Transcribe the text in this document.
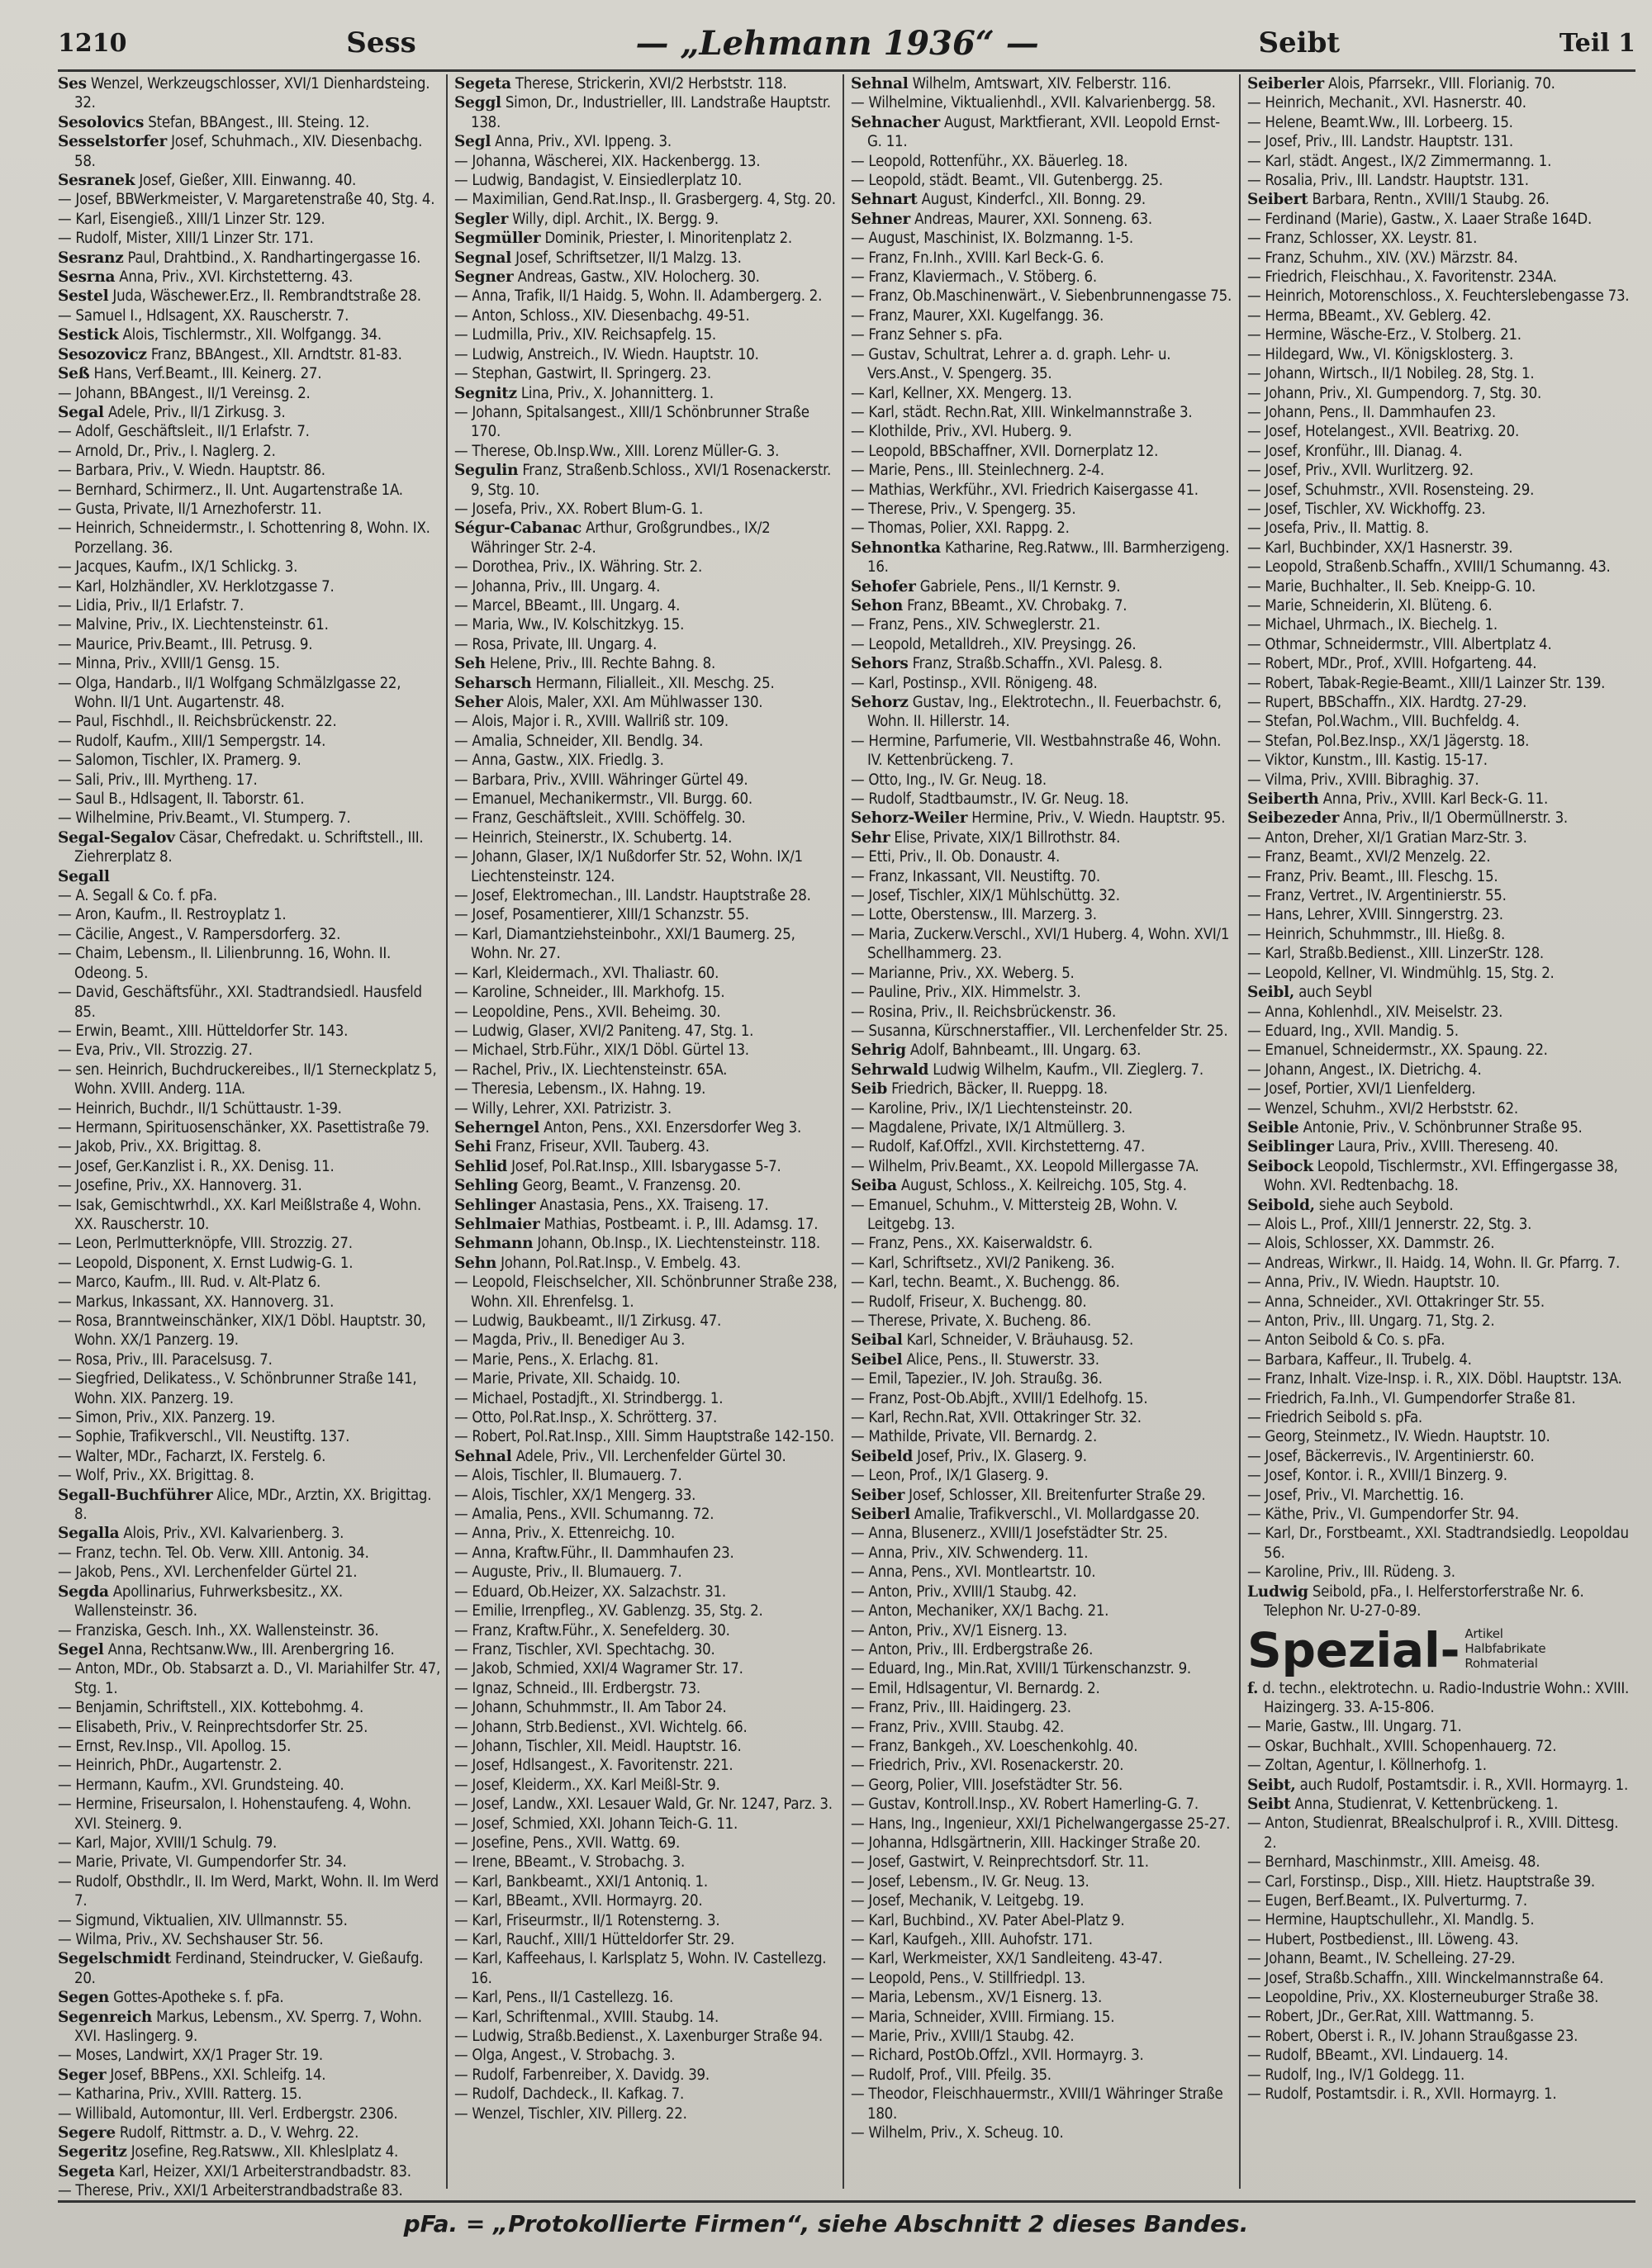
1210	Sess	— „Lehmann 1936“ —	Seibt	Teil 1

Ses Wenzel, Werkzeugschlosser, XVI/1 Dienhardsteing. 32.

Sesolovics Stefan, BBAngest., III. Steing. 12.

Sesselstorfer Josef, Schuhmach., XIV. Diesenbachg. 58.

Sesranek Josef, Gießer, XIII. Einwanng. 40.

— Josef, BBWerkmeister, V. Margaretenstraße 40, Stg. 4.

— Karl, Eisengieß., XIII/1 Linzer Str. 129.

— Rudolf, Mister, XIII/1 Linzer Str. 171.

Sesranz Paul, Drahtbind., X. Randhartingergasse 16.

Sesrna Anna, Priv., XVI. Kirchstetterng. 43.

Sestel Juda, Wäschewer.Erz., II. Rembrandtstraße 28.

— Samuel I., Hdlsagent, XX. Rauscherstr. 7.

Sestick Alois, Tischlermstr., XII. Wolfgangg. 34.

Sesozovicz Franz, BBAngest., XII. Arndtstr. 81-83.

Seß Hans, Verf.Beamt., III. Keinerg. 27.

— Johann, BBAngest., II/1 Vereinsg. 2.

Segal Adele, Priv., II/1 Zirkusg. 3.

— Adolf, Geschäftsleit., II/1 Erlafstr. 7.

— Arnold, Dr., Priv., I. Naglerg. 2.

— Barbara, Priv., V. Wiedn. Hauptstr. 86.

— Bernhard, Schirmerz., II. Unt. Augartenstraße 1A.

— Gusta, Private, II/1 Arnezhoferstr. 11.

— Heinrich, Schneidermstr., I. Schottenring 8, Wohn. IX. Porzellang. 36.

— Jacques, Kaufm., IX/1 Schlickg. 3.

— Karl, Holzhändler, XV. Herklotzgasse 7.

— Lidia, Priv., II/1 Erlafstr. 7.

— Malvine, Priv., IX. Liechtensteinstr. 61.

— Maurice, Priv.Beamt., III. Petrusg. 9.

— Minna, Priv., XVIII/1 Gensg. 15.

— Olga, Handarb., II/1 Wolfgang Schmälzlgasse 22, Wohn. II/1 Unt. Augartenstr. 48.

— Paul, Fischhdl., II. Reichsbrückenstr. 22.

— Rudolf, Kaufm., XIII/1 Sempergstr. 14.

— Salomon, Tischler, IX. Pramerg. 9.

— Sali, Priv., III. Myrtheng. 17.

— Saul B., Hdlsagent, II. Taborstr. 61.

— Wilhelmine, Priv.Beamt., VI. Stumperg. 7.

Segal-Segalov Cäsar, Chefredakt. u. Schriftstell., III. Ziehrerplatz 8.

Segall

— A. Segall & Co. f. pFa.

— Aron, Kaufm., II. Restroyplatz 1.

— Cäcilie, Angest., V. Rampersdorferg. 32.

— Chaim, Lebensm., II. Lilienbrunng. 16, Wohn. II. Odeong. 5.

— David, Geschäftsführ., XXI. Stadtrandsiedl. Hausfeld 85.

— Erwin, Beamt., XIII. Hütteldorfer Str. 143.

— Eva, Priv., VII. Strozzig. 27.

— sen. Heinrich, Buchdruckereibes., II/1 Sterneckplatz 5, Wohn. XVIII. Anderg. 11A.

— Heinrich, Buchdr., II/1 Schüttaustr. 1-39.

— Hermann, Spirituosenschänker, XX. Pasettistraße 79.

— Jakob, Priv., XX. Brigittag. 8.

— Josef, Ger.Kanzlist i. R., XX. Denisg. 11.

— Josefine, Priv., XX. Hannoverg. 31.

— Isak, Gemischtwrhdl., XX. Karl Meißlstraße 4, Wohn. XX. Rauscherstr. 10.

— Leon, Perlmutterknöpfe, VIII. Strozzig. 27.

— Leopold, Disponent, X. Ernst Ludwig-G. 1.

— Marco, Kaufm., III. Rud. v. Alt-Platz 6.

— Markus, Inkassant, XX. Hannoverg. 31.

— Rosa, Branntweinschänker, XIX/1 Döbl. Hauptstr. 30, Wohn. XX/1 Panzerg. 19.

— Rosa, Priv., III. Paracelsusg. 7.

— Siegfried, Delikatess., V. Schönbrunner Straße 141, Wohn. XIX. Panzerg. 19.

— Simon, Priv., XIX. Panzerg. 19.

— Sophie, Trafikverschl., VII. Neustiftg. 137.

— Walter, MDr., Facharzt, IX. Ferstelg. 6.

— Wolf, Priv., XX. Brigittag. 8.

Segall-Buchführer Alice, MDr., Arztin, XX. Brigittag. 8.

Segalla Alois, Priv., XVI. Kalvarienberg. 3.

— Franz, techn. Tel. Ob. Verw. XIII. Antonig. 34.

— Jakob, Pens., XVI. Lerchenfelder Gürtel 21.

Segda Apollinarius, Fuhrwerksbesitz., XX. Wallensteinstr. 36.

— Franziska, Gesch. Inh., XX. Wallensteinstr. 36.

Segel Anna, Rechtsanw.Ww., III. Arenbergring 16.

— Anton, MDr., Ob. Stabsarzt a. D., VI. Mariahilfer Str. 47, Stg. 1.

— Benjamin, Schriftstell., XIX. Kottebohmg. 4.

— Elisabeth, Priv., V. Reinprechtsdorfer Str. 25.

— Ernst, Rev.Insp., VII. Apollog. 15.

— Heinrich, PhDr., Augartenstr. 2.

— Hermann, Kaufm., XVI. Grundsteing. 40.

— Hermine, Friseursalon, I. Hohenstaufeng. 4, Wohn. XVI. Steinerg. 9.

— Karl, Major, XVIII/1 Schulg. 79.

— Marie, Private, VI. Gumpendorfer Str. 34.

— Rudolf, Obsthdlr., II. Im Werd, Markt, Wohn. II. Im Werd 7.

— Sigmund, Viktualien, XIV. Ullmannstr. 55.

— Wilma, Priv., XV. Sechshauser Str. 56.

Segelschmidt Ferdinand, Steindrucker, V. Gießaufg. 20.

Segen Gottes-Apotheke s. f. pFa.

Segenreich Markus, Lebensm., XV. Sperrg. 7, Wohn. XVI. Haslingerg. 9.

— Moses, Landwirt, XX/1 Prager Str. 19.

Seger Josef, BBPens., XXI. Schleifg. 14.

— Katharina, Priv., XVIII. Ratterg. 15.

— Willibald, Automontur, III. Verl. Erdbergstr. 2306.

Segere Rudolf, Rittmstr. a. D., V. Wehrg. 22.

Segeritz Josefine, Reg.Ratsww., XII. Khleslplatz 4.

Segeta Karl, Heizer, XXI/1 Arbeiterstrandbadstr. 83.

— Therese, Priv., XXI/1 Arbeiterstrandbadstraße 83.

Segeta Therese, Strickerin, XVI/2 Herbststr. 118.

Seggl Simon, Dr., Industrieller, III. Landstraße Hauptstr. 138.

Segl Anna, Priv., XVI. Ippeng. 3.

— Johanna, Wäscherei, XIX. Hackenbergg. 13.

— Ludwig, Bandagist, V. Einsiedlerplatz 10.

— Maximilian, Gend.Rat.Insp., II. Grasbergerg. 4, Stg. 20.

Segler Willy, dipl. Archit., IX. Bergg. 9.

Segmüller Dominik, Priester, I. Minoritenplatz 2.

Segnal Josef, Schriftsetzer, II/1 Malzg. 13.

Segner Andreas, Gastw., XIV. Holocherg. 30.

— Anna, Trafik, II/1 Haidg. 5, Wohn. II. Adambergerg. 2.

— Anton, Schloss., XIV. Diesenbachg. 49-51.

— Ludmilla, Priv., XIV. Reichsapfelg. 15.

— Ludwig, Anstreich., IV. Wiedn. Hauptstr. 10.

— Stephan, Gastwirt, II. Springerg. 23.

Segnitz Lina, Priv., X. Johannitterg. 1.

— Johann, Spitalsangest., XIII/1 Schönbrunner Straße 170.

— Therese, Ob.Insp.Ww., XIII. Lorenz Müller-G. 3.

Segulin Franz, Straßenb.Schloss., XVI/1 Rosenackerstr. 9, Stg. 10.

— Josefa, Priv., XX. Robert Blum-G. 1.

Ségur-Cabanac Arthur, Großgrundbes., IX/2 Währinger Str. 2-4.

— Dorothea, Priv., IX. Währing. Str. 2.

— Johanna, Priv., III. Ungarg. 4.

— Marcel, BBeamt., III. Ungarg. 4.

— Maria, Ww., IV. Kolschitzkyg. 15.

— Rosa, Private, III. Ungarg. 4.

Seh Helene, Priv., III. Rechte Bahng. 8.

Seharsch Hermann, Filialleit., XII. Meschg. 25.

Seher Alois, Maler, XXI. Am Mühlwasser 130.

— Alois, Major i. R., XVIII. Wallriß str. 109.

— Amalia, Schneider, XII. Bendlg. 34.

— Anna, Gastw., XIX. Friedlg. 3.

— Barbara, Priv., XVIII. Währinger Gürtel 49.

— Emanuel, Mechanikermstr., VII. Burgg. 60.

— Franz, Geschäftsleit., XVIII. Schöffelg. 30.

— Heinrich, Steinerstr., IX. Schubertg. 14.

— Johann, Glaser, IX/1 Nußdorfer Str. 52, Wohn. IX/1 Liechtensteinstr. 124.

— Josef, Elektromechan., III. Landstr. Hauptstraße 28.

— Josef, Posamentierer, XIII/1 Schanzstr. 55.

— Karl, Diamantziehsteinbohr., XXI/1 Baumerg. 25, Wohn. Nr. 27.

— Karl, Kleidermach., XVI. Thaliastr. 60.

— Karoline, Schneider., III. Markhofg. 15.

— Leopoldine, Pens., XVII. Beheimg. 30.

— Ludwig, Glaser, XVI/2 Paniteng. 47, Stg. 1.

— Michael, Strb.Führ., XIX/1 Döbl. Gürtel 13.

— Rachel, Priv., IX. Liechtensteinstr. 65A.

— Theresia, Lebensm., IX. Hahng. 19.

— Willy, Lehrer, XXI. Patrizistr. 3.

Seherngel Anton, Pens., XXI. Enzersdorfer Weg 3.

Sehi Franz, Friseur, XVII. Tauberg. 43.

Sehlid Josef, Pol.Rat.Insp., XIII. Isbarygasse 5-7.

Sehling Georg, Beamt., V. Franzensg. 20.

Sehlinger Anastasia, Pens., XX. Traiseng. 17.

Sehlmaier Mathias, Postbeamt. i. P., III. Adamsg. 17.

Sehmann Johann, Ob.Insp., IX. Liechtensteinstr. 118.

Sehn Johann, Pol.Rat.Insp., V. Embelg. 43.

— Leopold, Fleischselcher, XII. Schönbrunner Straße 238, Wohn. XII. Ehrenfelsg. 1.

— Ludwig, Baukbeamt., II/1 Zirkusg. 47.

— Magda, Priv., II. Benediger Au 3.

— Marie, Pens., X. Erlachg. 81.

— Marie, Private, XII. Schaidg. 10.

— Michael, Postadjft., XI. Strindbergg. 1.

— Otto, Pol.Rat.Insp., X. Schrötterg. 37.

— Robert, Pol.Rat.Insp., XIII. Simm Hauptstraße 142-150.

Sehnal Adele, Priv., VII. Lerchenfelder Gürtel 30.

— Alois, Tischler, II. Blumauerg. 7.

— Alois, Tischler, XX/1 Mengerg. 33.

— Amalia, Pens., XVII. Schumanng. 72.

— Anna, Priv., X. Ettenreichg. 10.

— Anna, Kraftw.Führ., II. Dammhaufen 23.

— Auguste, Priv., II. Blumauerg. 7.

— Eduard, Ob.Heizer, XX. Salzachstr. 31.

— Emilie, Irrenpfleg., XV. Gablenzg. 35, Stg. 2.

— Franz, Kraftw.Führ., X. Senefelderg. 30.

— Franz, Tischler, XVI. Spechtachg. 30.

— Jakob, Schmied, XXI/4 Wagramer Str. 17.

— Ignaz, Schneid., III. Erdbergstr. 73.

— Johann, Schuhmmstr., II. Am Tabor 24.

— Johann, Strb.Bedienst., XVI. Wichtelg. 66.

— Johann, Tischler, XII. Meidl. Hauptstr. 16.

— Josef, Hdlsangest., X. Favoritenstr. 221.

— Josef, Kleiderm., XX. Karl Meißl-Str. 9.

— Josef, Landw., XXI. Lesauer Wald, Gr. Nr. 1247, Parz. 3.

— Josef, Schmied, XXI. Johann Teich-G. 11.

— Josefine, Pens., XVII. Wattg. 69.

— Irene, BBeamt., V. Strobachg. 3.

— Karl, Bankbeamt., XXI/1 Antoniq. 1.

— Karl, BBeamt., XVII. Hormayrg. 20.

— Karl, Friseurmstr., II/1 Rotensterng. 3.

— Karl, Rauchf., XIII/1 Hütteldorfer Str. 29.

— Karl, Kaffeehaus, I. Karlsplatz 5, Wohn. IV. Castellezg. 16.

— Karl, Pens., II/1 Castellezg. 16.

— Karl, Schriftenmal., XVIII. Staubg. 14.

— Ludwig, Straßb.Bedienst., X. Laxenburger Straße 94.

— Olga, Angest., V. Strobachg. 3.

— Rudolf, Farbenreiber, X. Davidg. 39.

— Rudolf, Dachdeck., II. Kafkag. 7.

— Wenzel, Tischler, XIV. Pillerg. 22.

Sehnal Wilhelm, Amtswart, XIV. Felberstr. 116.

— Wilhelmine, Viktualienhdl., XVII. Kalvarienbergg. 58.

Sehnacher August, Marktfierant, XVII. Leopold Ernst-G. 11.

— Leopold, Rottenführ., XX. Bäuerleg. 18.

— Leopold, städt. Beamt., VII. Gutenbergg. 25.

Sehnart August, Kinderfcl., XII. Bonng. 29.

Sehner Andreas, Maurer, XXI. Sonneng. 63.

— August, Maschinist, IX. Bolzmanng. 1-5.

— Franz, Fn.Inh., XVIII. Karl Beck-G. 6.

— Franz, Klaviermach., V. Stöberg. 6.

— Franz, Ob.Maschinenwärt., V. Siebenbrunnengasse 75.

— Franz, Maurer, XXI. Kugelfangg. 36.

— Franz Sehner s. pFa.

— Gustav, Schultrat, Lehrer a. d. graph. Lehr- u. Vers.Anst., V. Spengerg. 35.

— Karl, Kellner, XX. Mengerg. 13.

— Karl, städt. Rechn.Rat, XIII. Winkelmannstraße 3.

— Klothilde, Priv., XVI. Huberg. 9.

— Leopold, BBSchaffner, XVII. Dornerplatz 12.

— Marie, Pens., III. Steinlechnerg. 2-4.

— Mathias, Werkführ., XVI. Friedrich Kaisergasse 41.

— Therese, Priv., V. Spengerg. 35.

— Thomas, Polier, XXI. Rappg. 2.

Sehnontka Katharine, Reg.Ratww., III. Barmherzigeng. 16.

Sehofer Gabriele, Pens., II/1 Kernstr. 9.

Sehon Franz, BBeamt., XV. Chrobakg. 7.

— Franz, Pens., XIV. Schweglerstr. 21.

— Leopold, Metalldreh., XIV. Preysingg. 26.

Sehors Franz, Straßb.Schaffn., XVI. Palesg. 8.

— Karl, Postinsp., XVII. Rönigeng. 48.

Sehorz Gustav, Ing., Elektrotechn., II. Feuerbachstr. 6, Wohn. II. Hillerstr. 14.

— Hermine, Parfumerie, VII. Westbahnstraße 46, Wohn. IV. Kettenbrückeng. 7.

— Otto, Ing., IV. Gr. Neug. 18.

— Rudolf, Stadtbaumstr., IV. Gr. Neug. 18.

Sehorz-Weiler Hermine, Priv., V. Wiedn. Hauptstr. 95.

Sehr Elise, Private, XIX/1 Billrothstr. 84.

— Etti, Priv., II. Ob. Donaustr. 4.

— Franz, Inkassant, VII. Neustiftg. 70.

— Josef, Tischler, XIX/1 Mühlschüttg. 32.

— Lotte, Oberstensw., III. Marzerg. 3.

— Maria, Zuckerw.Verschl., XVI/1 Huberg. 4, Wohn. XVI/1 Schellhammerg. 23.

— Marianne, Priv., XX. Weberg. 5.

— Pauline, Priv., XIX. Himmelstr. 3.

— Rosina, Priv., II. Reichsbrückenstr. 36.

— Susanna, Kürschnerstaffier., VII. Lerchenfelder Str. 25.

Sehrig Adolf, Bahnbeamt., III. Ungarg. 63.

Sehrwald Ludwig Wilhelm, Kaufm., VII. Zieglerg. 7.

Seib Friedrich, Bäcker, II. Rueppg. 18.

— Karoline, Priv., IX/1 Liechtensteinstr. 20.

— Magdalene, Private, IX/1 Altmüllerg. 3.

— Rudolf, Kaf.Offzl., XVII. Kirchstetterng. 47.

— Wilhelm, Priv.Beamt., XX. Leopold Millergasse 7A.

Seiba August, Schloss., X. Keilreichg. 105, Stg. 4.

— Emanuel, Schuhm., V. Mittersteig 2B, Wohn. V. Leitgebg. 13.

— Franz, Pens., XX. Kaiserwaldstr. 6.

— Karl, Schriftsetz., XVI/2 Panikeng. 36.

— Karl, techn. Beamt., X. Buchengg. 86.

— Rudolf, Friseur, X. Buchengg. 80.

— Therese, Private, X. Bucheng. 86.

Seibal Karl, Schneider, V. Bräuhausg. 52.

Seibel Alice, Pens., II. Stuwerstr. 33.

— Emil, Tapezier., IV. Joh. Straußg. 36.

— Franz, Post-Ob.Abjft., XVIII/1 Edelhofg. 15.

— Karl, Rechn.Rat, XVII. Ottakringer Str. 32.

— Mathilde, Private, VII. Bernardg. 2.

Seibeld Josef, Priv., IX. Glaserg. 9.

— Leon, Prof., IX/1 Glaserg. 9.

Seiber Josef, Schlosser, XII. Breitenfurter Straße 29.

Seiberl Amalie, Trafikverschl., VI. Mollardgasse 20.

— Anna, Blusenerz., XVIII/1 Josefstädter Str. 25.

— Anna, Priv., XIV. Schwenderg. 11.

— Anna, Pens., XVI. Montleartstr. 10.

— Anton, Priv., XVIII/1 Staubg. 42.

— Anton, Mechaniker, XX/1 Bachg. 21.

— Anton, Priv., XV/1 Eisnerg. 13.

— Anton, Priv., III. Erdbergstraße 26.

— Eduard, Ing., Min.Rat, XVIII/1 Türkenschanzstr. 9.

— Emil, Hdlsagentur, VI. Bernardg. 2.

— Franz, Priv., III. Haidingerg. 23.

— Franz, Priv., XVIII. Staubg. 42.

— Franz, Bankgeh., XV. Loeschenkohlg. 40.

— Friedrich, Priv., XVI. Rosenackerstr. 20.

— Georg, Polier, VIII. Josefstädter Str. 56.

— Gustav, Kontroll.Insp., XV. Robert Hamerling-G. 7.

— Hans, Ing., Ingenieur, XXI/1 Pichelwangergasse 25-27.

— Johanna, Hdlsgärtnerin, XIII. Hackinger Straße 20.

— Josef, Gastwirt, V. Reinprechtsdorf. Str. 11.

— Josef, Lebensm., IV. Gr. Neug. 13.

— Josef, Mechanik, V. Leitgebg. 19.

— Karl, Buchbind., XV. Pater Abel-Platz 9.

— Karl, Kaufgeh., XIII. Auhofstr. 171.

— Karl, Werkmeister, XX/1 Sandleiteng. 43-47.

— Leopold, Pens., V. Stillfriedpl. 13.

— Maria, Lebensm., XV/1 Eisnerg. 13.

— Maria, Schneider, XVIII. Firmiang. 15.

— Marie, Priv., XVIII/1 Staubg. 42.

— Richard, PostOb.Offzl., XVII. Hormayrg. 3.

— Rudolf, Prof., VIII. Pfeilg. 35.

— Theodor, Fleischhauermstr., XVIII/1 Währinger Straße 180.

— Wilhelm, Priv., X. Scheug. 10.

Seiberler Alois, Pfarrsekr., VIII. Florianig. 70.

— Heinrich, Mechanit., XVI. Hasnerstr. 40.

— Helene, Beamt.Ww., III. Lorbeerg. 15.

— Josef, Priv., III. Landstr. Hauptstr. 131.

— Karl, städt. Angest., IX/2 Zimmermanng. 1.

— Rosalia, Priv., III. Landstr. Hauptstr. 131.

Seibert Barbara, Rentn., XVIII/1 Staubg. 26.

— Ferdinand (Marie), Gastw., X. Laaer Straße 164D.

— Franz, Schlosser, XX. Leystr. 81.

— Franz, Schuhm., XIV. (XV.) Märzstr. 84.

— Friedrich, Fleischhau., X. Favoritenstr. 234A.

— Heinrich, Motorenschloss., X. Feuchterslebengasse 73.

— Herma, BBeamt., XV. Geblerg. 42.

— Hermine, Wäsche-Erz., V. Stolberg. 21.

— Hildegard, Ww., VI. Königsklosterg. 3.

— Johann, Wirtsch., II/1 Nobileg. 28, Stg. 1.

— Johann, Priv., XI. Gumpendorg. 7, Stg. 30.

— Johann, Pens., II. Dammhaufen 23.

— Josef, Hotelangest., XVII. Beatrixg. 20.

— Josef, Kronführ., III. Dianag. 4.

— Josef, Priv., XVII. Wurlitzerg. 92.

— Josef, Schuhmstr., XVII. Rosensteing. 29.

— Josef, Tischler, XV. Wickhoffg. 23.

— Josefa, Priv., II. Mattig. 8.

— Karl, Buchbinder, XX/1 Hasnerstr. 39.

— Leopold, Straßenb.Schaffn., XVIII/1 Schumanng. 43.

— Marie, Buchhalter., II. Seb. Kneipp-G. 10.

— Marie, Schneiderin, XI. Blüteng. 6.

— Michael, Uhrmach., IX. Biechelg. 1.

— Othmar, Schneidermstr., VIII. Albertplatz 4.

— Robert, MDr., Prof., XVIII. Hofgarteng. 44.

— Robert, Tabak-Regie-Beamt., XIII/1 Lainzer Str. 139.

— Rupert, BBSchaffn., XIX. Hardtg. 27-29.

— Stefan, Pol.Wachm., VIII. Buchfeldg. 4.

— Stefan, Pol.Bez.Insp., XX/1 Jägerstg. 18.

— Viktor, Kunstm., III. Kastig. 15-17.

— Vilma, Priv., XVIII. Bibraghig. 37.

Seiberth Anna, Priv., XVIII. Karl Beck-G. 11.

Seibezeder Anna, Priv., II/1 Obermüllnerstr. 3.

— Anton, Dreher, XI/1 Gratian Marz-Str. 3.

— Franz, Beamt., XVI/2 Menzelg. 22.

— Franz, Priv. Beamt., III. Fleschg. 15.

— Franz, Vertret., IV. Argentinierstr. 55.

— Hans, Lehrer, XVIII. Sinngerstrg. 23.

— Heinrich, Schuhmmstr., III. Hießg. 8.

— Karl, Straßb.Bedienst., XIII. LinzerStr. 128.

— Leopold, Kellner, VI. Windmühlg. 15, Stg. 2.

Seibl, auch Seybl

— Anna, Kohlenhdl., XIV. Meiselstr. 23.

— Eduard, Ing., XVII. Mandig. 5.

— Emanuel, Schneidermstr., XX. Spaung. 22.

— Johann, Angest., IX. Dietrichg. 4.

— Josef, Portier, XVI/1 Lienfelderg.

— Wenzel, Schuhm., XVI/2 Herbststr. 62.

Seible Antonie, Priv., V. Schönbrunner Straße 95.

Seiblinger Laura, Priv., XVIII. Thereseng. 40.

Seibock Leopold, Tischlermstr., XVI. Effingergasse 38, Wohn. XVI. Redtenbachg. 18.

Seibold, siehe auch Seybold.

— Alois L., Prof., XIII/1 Jennerstr. 22, Stg. 3.

— Alois, Schlosser, XX. Dammstr. 26.

— Andreas, Wirkwr., II. Haidg. 14, Wohn. II. Gr. Pfarrg. 7.

— Anna, Priv., IV. Wiedn. Hauptstr. 10.

— Anna, Schneider., XVI. Ottakringer Str. 55.

— Anton, Priv., III. Ungarg. 71, Stg. 2.

— Anton Seibold & Co. s. pFa.

— Barbara, Kaffeur., II. Trubelg. 4.

— Franz, Inhalt. Vize-Insp. i. R., XIX. Döbl. Hauptstr. 13A.

— Friedrich, Fa.Inh., VI. Gumpendorfer Straße 81.

— Friedrich Seibold s. pFa.

— Georg, Steinmetz., IV. Wiedn. Hauptstr. 10.

— Josef, Bäckerrevis., IV. Argentinierstr. 60.

— Josef, Kontor. i. R., XVIII/1 Binzerg. 9.

— Josef, Priv., VI. Marchettig. 16.

— Käthe, Priv., VI. Gumpendorfer Str. 94.

— Karl, Dr., Forstbeamt., XXI. Stadtrandsiedlg. Leopoldau 56.

— Karoline, Priv., III. Rüdeng. 3.

Ludwig Seibold, pFa., I. Helferstorferstraße Nr. 6. Telephon Nr. U-27-0-89.

Spezial- Artikel
Halbfabrikate
Rohmaterial

f. d. techn., elektrotechn. u. Radio-Industrie Wohn.: XVIII. Haizingerg. 33. A-15-806.

— Marie, Gastw., III. Ungarg. 71.

— Oskar, Buchhalt., XVIII. Schopenhauerg. 72.

— Zoltan, Agentur, I. Köllnerhofg. 1.

Seibt, auch Rudolf, Postamtsdir. i. R., XVII. Hormayrg. 1.

Seibt Anna, Studienrat, V. Kettenbrückeng. 1.

— Anton, Studienrat, BRealschulprof i. R., XVIII. Dittesg. 2.

— Bernhard, Maschinmstr., XIII. Ameisg. 48.

— Carl, Forstinsp., Disp., XIII. Hietz. Hauptstraße 39.

— Eugen, Berf.Beamt., IX. Pulverturmg. 7.

— Hermine, Hauptschullehr., XI. Mandlg. 5.

— Hubert, Postbedienst., III. Löweng. 43.

— Johann, Beamt., IV. Schelleing. 27-29.

— Josef, Straßb.Schaffn., XIII. Winckelmannstraße 64.

— Leopoldine, Priv., XX. Klosterneuburger Straße 38.

— Robert, JDr., Ger.Rat, XIII. Wattmanng. 5.

— Robert, Oberst i. R., IV. Johann Straußgasse 23.

— Rudolf, BBeamt., XVI. Lindauerg. 14.

— Rudolf, Ing., IV/1 Goldegg. 11.

— Rudolf, Postamtsdir. i. R., XVII. Hormayrg. 1.

pFa. = „Protokollierte Firmen“, siehe Abschnitt 2 dieses Bandes.
